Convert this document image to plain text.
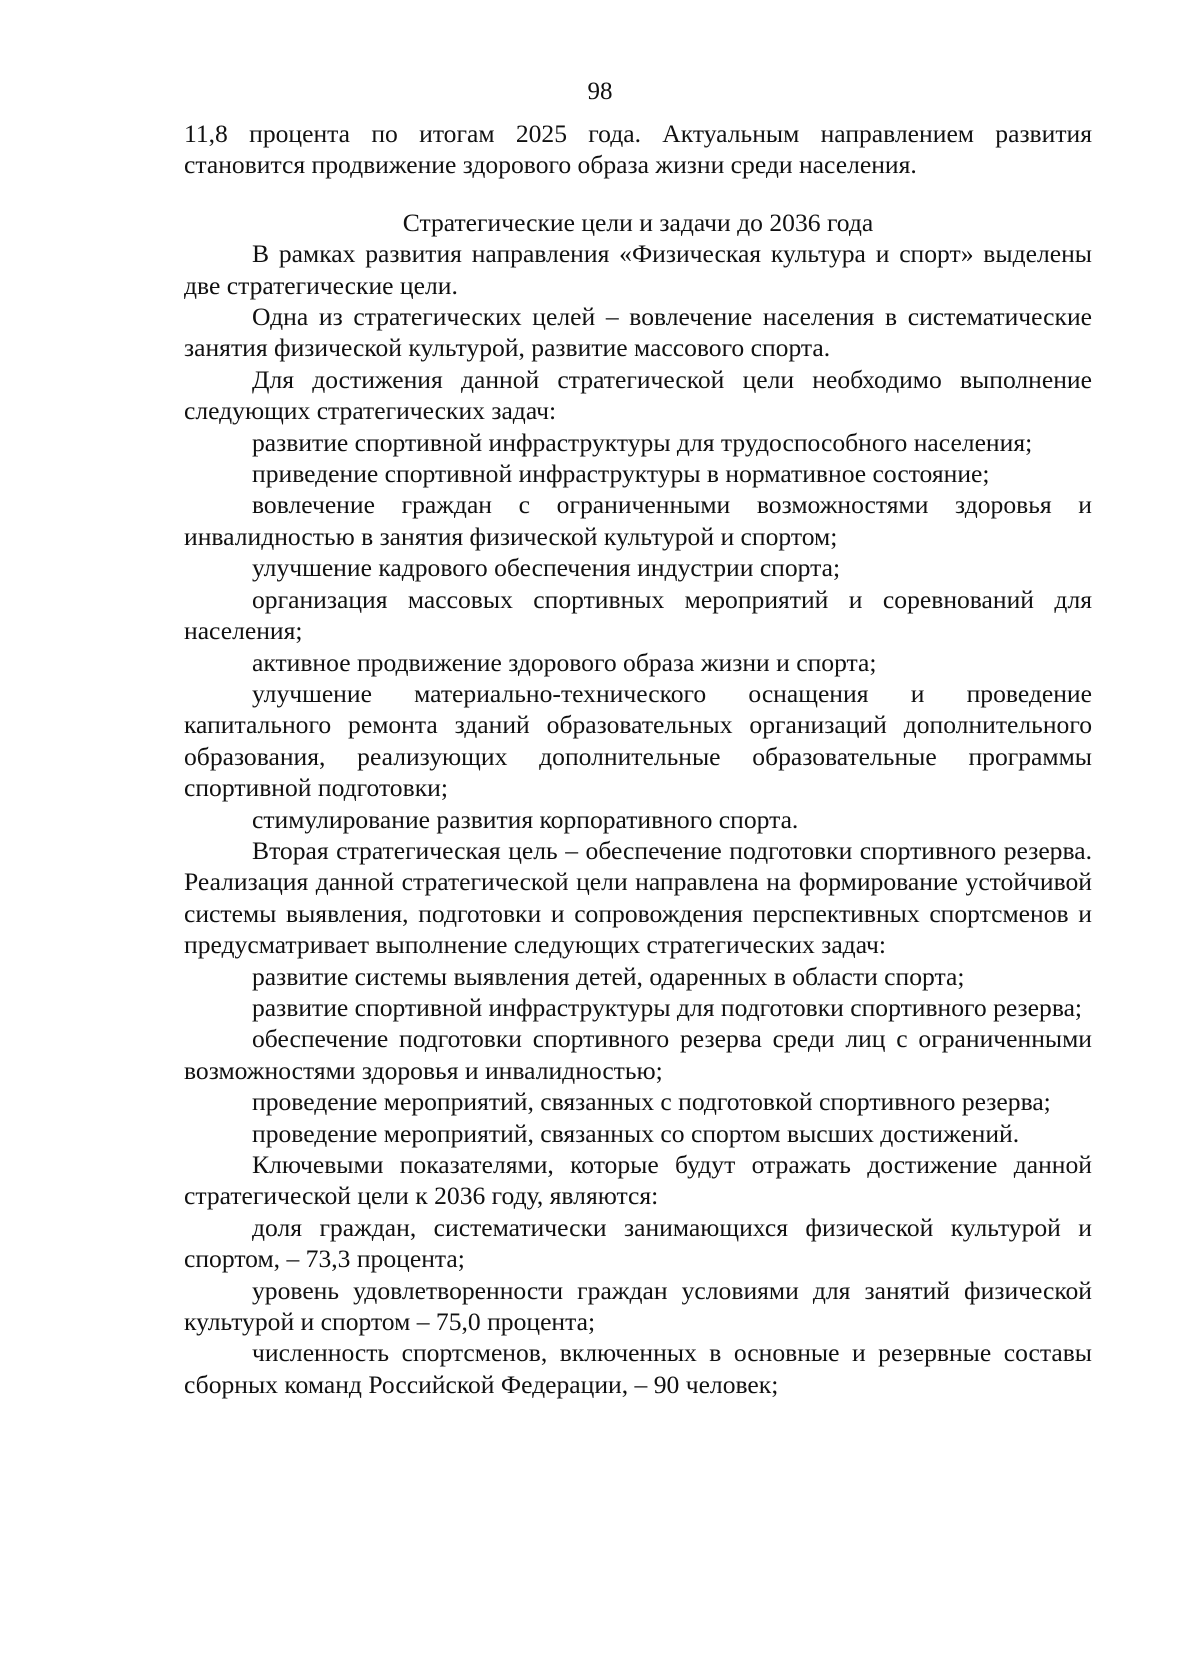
98

11,8 процента по итогам 2025 года. Актуальным направлением развития становится продвижение здорового образа жизни среди населения.

Стратегические цели и задачи до 2036 года

В рамках развития направления «Физическая культура и спорт» выделены две стратегические цели.

Одна из стратегических целей – вовлечение населения в систематические занятия физической культурой, развитие массового спорта.

Для достижения данной стратегической цели необходимо выполнение следующих стратегических задач:

развитие спортивной инфраструктуры для трудоспособного населения;

приведение спортивной инфраструктуры в нормативное состояние;

вовлечение граждан с ограниченными возможностями здоровья и инвалидностью в занятия физической культурой и спортом;

улучшение кадрового обеспечения индустрии спорта;

организация массовых спортивных мероприятий и соревнований для населения;

активное продвижение здорового образа жизни и спорта;

улучшение материально-технического оснащения и проведение капитального ремонта зданий образовательных организаций дополнительного образования, реализующих дополнительные образовательные программы спортивной подготовки;

стимулирование развития корпоративного спорта.

Вторая стратегическая цель – обеспечение подготовки спортивного резерва. Реализация данной стратегической цели направлена на формирование устойчивой системы выявления, подготовки и сопровождения перспективных спортсменов и предусматривает выполнение следующих стратегических задач:

развитие системы выявления детей, одаренных в области спорта;

развитие спортивной инфраструктуры для подготовки спортивного резерва;

обеспечение подготовки спортивного резерва среди лиц с ограниченными возможностями здоровья и инвалидностью;

проведение мероприятий, связанных с подготовкой спортивного резерва;

проведение мероприятий, связанных со спортом высших достижений.

Ключевыми показателями, которые будут отражать достижение данной стратегической цели к 2036 году, являются:

доля граждан, систематически занимающихся физической культурой и спортом, – 73,3 процента;

уровень удовлетворенности граждан условиями для занятий физической культурой и спортом – 75,0 процента;

численность спортсменов, включенных в основные и резервные составы сборных команд Российской Федерации, – 90 человек;
